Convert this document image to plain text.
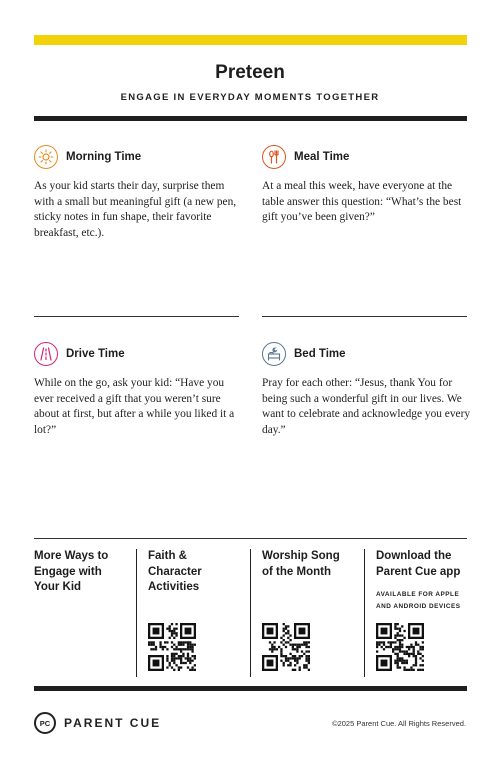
Preteen
ENGAGE IN EVERYDAY MOMENTS TOGETHER
Morning Time
As your kid starts their day, surprise them with a small but meaningful gift (a new pen, sticky notes in fun shape, their favorite breakfast, etc.).
Meal Time
At a meal this week, have everyone at the table answer this question: “What’s the best gift you’ve been given?”
Drive Time
While on the go, ask your kid: “Have you ever received a gift that you weren’t sure about at first, but after a while you liked it a lot?”
Bed Time
Pray for each other: “Jesus, thank You for being such a wonderful gift in our lives. We want to celebrate and acknowledge you every day.”
More Ways to
Engage with
Your Kid
Faith &
Character
Activities
Worship Song
of the Month
Download the
Parent Cue app
AVAILABLE FOR APPLE
AND ANDROID DEVICES
PC	PARENT CUE	©2025 Parent Cue. All Rights Reserved.
